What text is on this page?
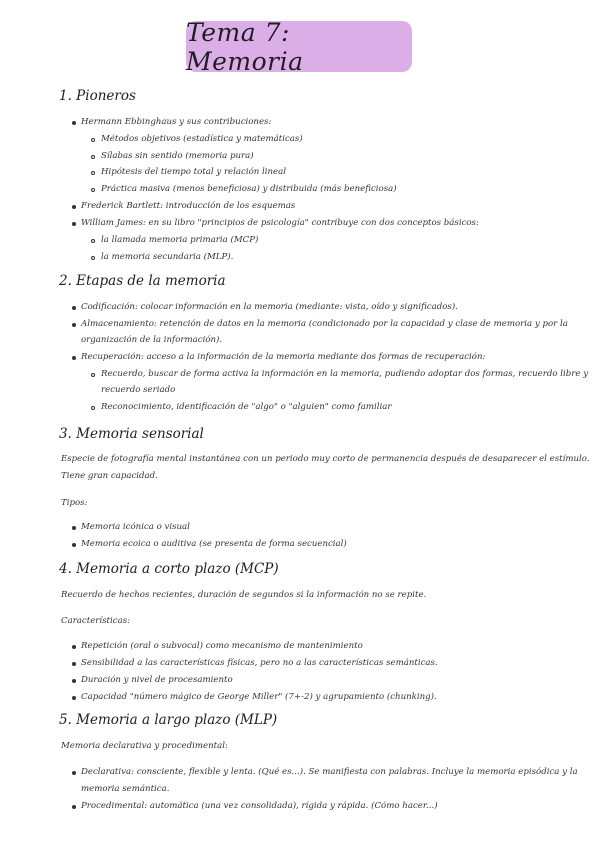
Tema 7: Memoria
1. Pioneros
Hermann Ebbinghaus y sus contribuciones:
Métodos objetivos (estadística y matemáticas)
Sílabas sin sentido (memoria pura)
Hipótesis del tiempo total y relación lineal
Práctica masiva (menos beneficiosa) y distribuida (más beneficiosa)
Frederick Bartlett: introducción de los esquemas
William James: en su libro "principios de psicología" contribuye con dos conceptos básicos:
la llamada memoria primaria (MCP)
la memoria secundaria (MLP).
2. Etapas de la memoria
Codificación: colocar información en la memoria (mediante: vista, oído y significados).
Almacenamiento: retención de datos en la memoria (condicionado por la capacidad y clase de memoria y por la
organización de la información).
Recuperación: acceso a la información de la memoria mediante dos formas de recuperación:
Recuerdo, buscar de forma activa la información en la memoria, pudiendo adoptar dos formas, recuerdo libre y
recuerdo seriado
Reconocimiento, identificación de "algo" o "alguien" como familiar
3. Memoria sensorial
Especie de fotografía mental instantánea con un periodo muy corto de permanencia después de desaparecer el estímulo.
Tiene gran capacidad.
Tipos:
Memoria icónica o visual
Memoria ecoica o auditiva (se presenta de forma secuencial)
4. Memoria a corto plazo (MCP)
Recuerdo de hechos recientes, duración de segundos si la información no se repite.
Características:
Repetición (oral o subvocal) como mecanismo de mantenimiento
Sensibilidad a las características físicas, pero no a las características semánticas.
Duración y nivel de procesamiento
Capacidad "número mágico de George Miller" (7+-2) y agrupamiento (chunking).
5. Memoria a largo plazo (MLP)
Memoria declarativa y procedimental:
Declarativa: consciente, flexible y lenta. (Qué es...). Se manifiesta con palabras. Incluye la memoria episódica y la
memoria semántica.
Procedimental: automática (una vez consolidada), rígida y rápida. (Cómo hacer...)
